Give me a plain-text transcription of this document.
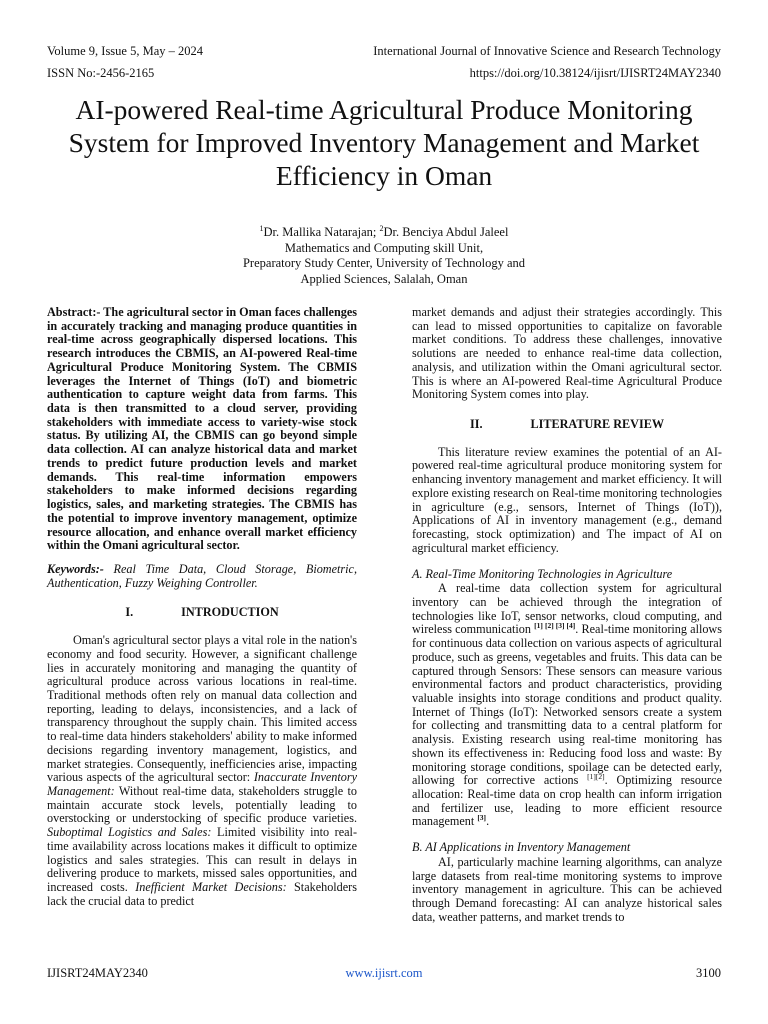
Volume 9, Issue 5, May – 2024	International Journal of Innovative Science and Research Technology
ISSN No:-2456-2165	https://doi.org/10.38124/ijisrt/IJISRT24MAY2340
AI-powered Real-time Agricultural Produce Monitoring System for Improved Inventory Management and Market Efficiency in Oman
$^1$Dr. Mallika Natarajan; $^2$Dr. Benciya Abdul Jaleel
Mathematics and Computing skill Unit,
Preparatory Study Center, University of Technology and
Applied Sciences, Salalah, Oman

Abstract:- The agricultural sector in Oman faces challenges in accurately tracking and managing produce quantities in real-time across geographically dispersed locations. This research introduces the CBMIS, an AI-powered Real-time Agricultural Produce Monitoring System. The CBMIS leverages the Internet of Things (IoT) and biometric authentication to capture weight data from farms. This data is then transmitted to a cloud server, providing stakeholders with immediate access to variety-wise stock status. By utilizing AI, the CBMIS can go beyond simple data collection. AI can analyze historical data and market trends to predict future production levels and market demands. This real-time information empowers stakeholders to make informed decisions regarding logistics, sales, and marketing strategies. The CBMIS has the potential to improve inventory management, optimize resource allocation, and enhance overall market efficiency within the Omani agricultural sector.

Keywords:- Real Time Data, Cloud Storage, Biometric, Authentication, Fuzzy Weighing Controller.

I.	INTRODUCTION

Oman's agricultural sector plays a vital role in the nation's economy and food security. However, a significant challenge lies in accurately monitoring and managing the quantity of agricultural produce across various locations in real-time. Traditional methods often rely on manual data collection and reporting, leading to delays, inconsistencies, and a lack of transparency throughout the supply chain. This limited access to real-time data hinders stakeholders' ability to make informed decisions regarding inventory management, logistics, and market strategies. Consequently, inefficiencies arise, impacting various aspects of the agricultural sector: Inaccurate Inventory Management: Without real-time data, stakeholders struggle to maintain accurate stock levels, potentially leading to overstocking or understocking of specific produce varieties. Suboptimal Logistics and Sales: Limited visibility into real-time availability across locations makes it difficult to optimize logistics and sales strategies. This can result in delays in delivering produce to markets, missed sales opportunities, and increased costs. Inefficient Market Decisions: Stakeholders lack the crucial data to predict

market demands and adjust their strategies accordingly. This can lead to missed opportunities to capitalize on favorable market conditions. To address these challenges, innovative solutions are needed to enhance real-time data collection, analysis, and utilization within the Omani agricultural sector. This is where an AI-powered Real-time Agricultural Produce Monitoring System comes into play.

II.	LITERATURE REVIEW

This literature review examines the potential of an AI-powered real-time agricultural produce monitoring system for enhancing inventory management and market efficiency. It will explore existing research on Real-time monitoring technologies in agriculture (e.g., sensors, Internet of Things (IoT)), Applications of AI in inventory management (e.g., demand forecasting, stock optimization) and The impact of AI on agricultural market efficiency.

A. Real-Time Monitoring Technologies in Agriculture

A real-time data collection system for agricultural inventory can be achieved through the integration of technologies like IoT, sensor networks, cloud computing, and wireless communication [1] [2] [3] [4]. Real-time monitoring allows for continuous data collection on various aspects of agricultural produce, such as greens, vegetables and fruits. This data can be captured through Sensors: These sensors can measure various environmental factors and product characteristics, providing valuable insights into storage conditions and product quality. Internet of Things (IoT): Networked sensors create a system for collecting and transmitting data to a central platform for analysis. Existing research using real-time monitoring has shown its effectiveness in: Reducing food loss and waste: By monitoring storage conditions, spoilage can be detected early, allowing for corrective actions [1][2]. Optimizing resource allocation: Real-time data on crop health can inform irrigation and fertilizer use, leading to more efficient resource management [3].

B. AI Applications in Inventory Management

AI, particularly machine learning algorithms, can analyze large datasets from real-time monitoring systems to improve inventory management in agriculture. This can be achieved through Demand forecasting: AI can analyze historical sales data, weather patterns, and market trends to

IJISRT24MAY2340	www.ijisrt.com	3100
